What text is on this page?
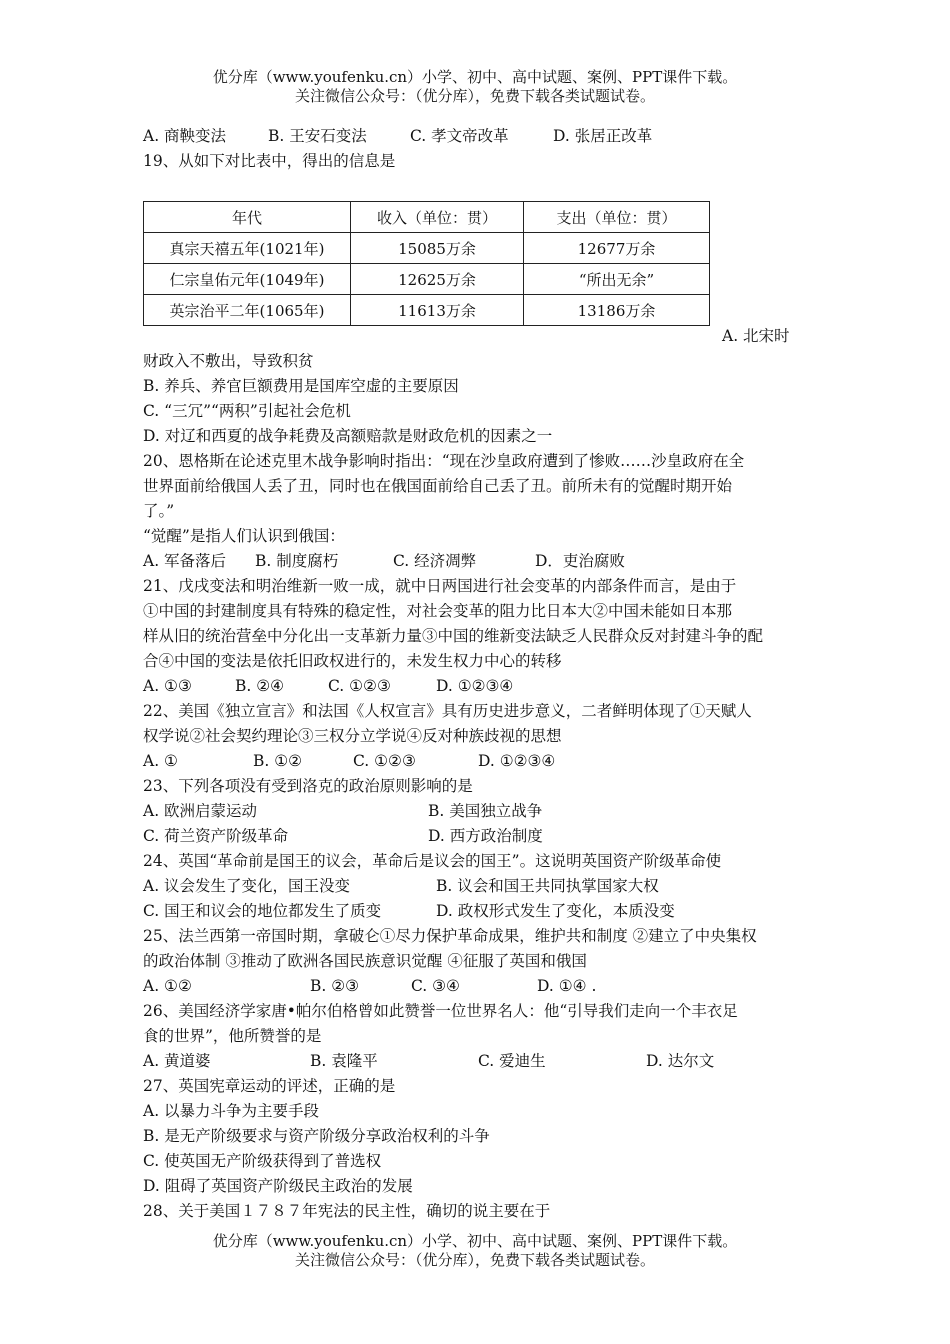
优分库（www.youfenku.cn）小学、初中、高中试题、案例、PPT课件下载。
关注微信公众号：（优分库），免费下载各类试题试卷。
A. 商鞅变法	B. 王安石变法	C. 孝文帝改革	D. 张居正改革
19、从如下对比表中，得出的信息是
年代	收入（单位：贯）	支出（单位：贯）
真宗天禧五年(1021年)	15085万余	12677万余
仁宗皇佑元年(1049年)	12625万余	“所出无余”
英宗治平二年(1065年)	11613万余	13186万余
A. 北宋时
财政入不敷出，导致积贫
B. 养兵、养官巨额费用是国库空虚的主要原因
C. “三冗”“两积”引起社会危机
D. 对辽和西夏的战争耗费及高额赔款是财政危机的因素之一
20、恩格斯在论述克里木战争影响时指出：“现在沙皇政府遭到了惨败……沙皇政府在全
世界面前给俄国人丢了丑，同时也在俄国面前给自己丢了丑。前所未有的觉醒时期开始
了。”
“觉醒”是指人们认识到俄国：
A. 军备落后 B. 制度腐朽	C. 经济凋弊	D．吏治腐败
21、戊戌变法和明治维新一败一成，就中日两国进行社会变革的内部条件而言，是由于
①中国的封建制度具有特殊的稳定性，对社会变革的阻力比日本大②中国未能如日本那
样从旧的统治营垒中分化出一支革新力量③中国的维新变法缺乏人民群众反对封建斗争的配
合④中国的变法是依托旧政权进行的，未发生权力中心的转移
A. ①③	B. ②④	C. ①②③	D. ①②③④
22、美国《独立宣言》和法国《人权宣言》具有历史进步意义，二者鲜明体现了①天赋人
权学说②社会契约理论③三权分立学说④反对种族歧视的思想
A. ①	B. ①②	C. ①②③	D. ①②③④
23、下列各项没有受到洛克的政治原则影响的是
A. 欧洲启蒙运动	B. 美国独立战争
C. 荷兰资产阶级革命	D. 西方政治制度
24、英国“革命前是国王的议会，革命后是议会的国王”。这说明英国资产阶级革命使
A. 议会发生了变化，国王没变	B. 议会和国王共同执掌国家大权
C. 国王和议会的地位都发生了质变	D. 政权形式发生了变化，本质没变
25、法兰西第一帝国时期，拿破仑①尽力保护革命成果，维护共和制度 ②建立了中央集权
的政治体制 ③推动了欧洲各国民族意识觉醒 ④征服了英国和俄国
A. ①②	B. ②③	C. ③④	D. ①④ .
26、美国经济学家唐•帕尔伯格曾如此赞誉一位世界名人：他“引导我们走向一个丰衣足
食的世界”，他所赞誉的是
A. 黄道婆	B. 袁隆平	C. 爱迪生	D. 达尔文
27、英国宪章运动的评述，正确的是
A. 以暴力斗争为主要手段
B. 是无产阶级要求与资产阶级分享政治权利的斗争
C. 使英国无产阶级获得到了普选权
D. 阻碍了英国资产阶级民主政治的发展
28、关于美国１７８７年宪法的民主性，确切的说主要在于
优分库（www.youfenku.cn）小学、初中、高中试题、案例、PPT课件下载。
关注微信公众号：（优分库），免费下载各类试题试卷。
